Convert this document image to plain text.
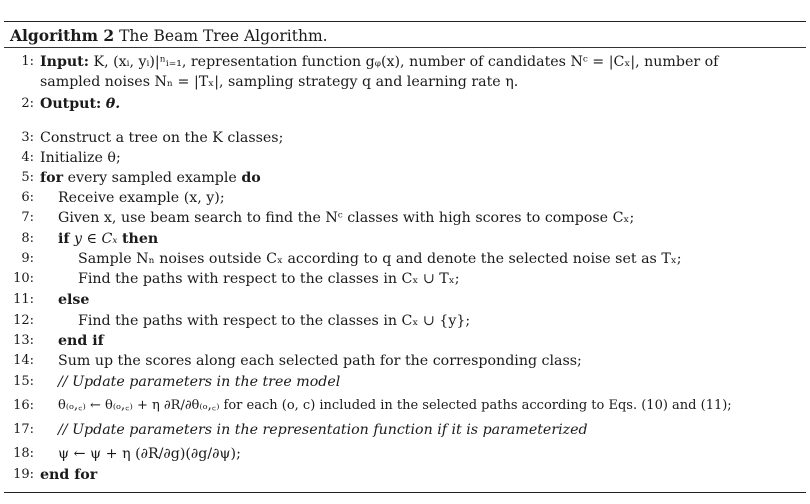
Algorithm 2 The Beam Tree Algorithm.
1: Input: K, (xᵢ, yᵢ)|ⁿᵢ₌₁, representation function gᵩ(x), number of candidates Nᶜ = |Cₓ|, number of
sampled noises Nₙ = |Tₓ|, sampling strategy q and learning rate η.
2: Output: θ.
3: Construct a tree on the K classes;
4: Initialize θ;
5: for every sampled example do
6: Receive example (x, y);
7: Given x, use beam search to find the Nᶜ classes with high scores to compose Cₓ;
8: if y ∈ Cₓ then
9:	Sample Nₙ noises outside Cₓ according to q and denote the selected noise set as Tₓ;
10:	Find the paths with respect to the classes in Cₓ ∪ Tₓ;
11: else
12:	Find the paths with respect to the classes in Cₓ ∪ {y};
13: end if
14: Sum up the scores along each selected path for the corresponding class;
15: // Update parameters in the tree model
16: θ₍ₒ,꜀₎ ← θ₍ₒ,꜀₎ + η ∂R/∂θ₍ₒ,꜀₎ for each (o, c) included in the selected paths according to Eqs. (10) and (11);
17: // Update parameters in the representation function if it is parameterized
18: ψ ← ψ + η (∂R/∂g)(∂g/∂ψ);
19: end for
